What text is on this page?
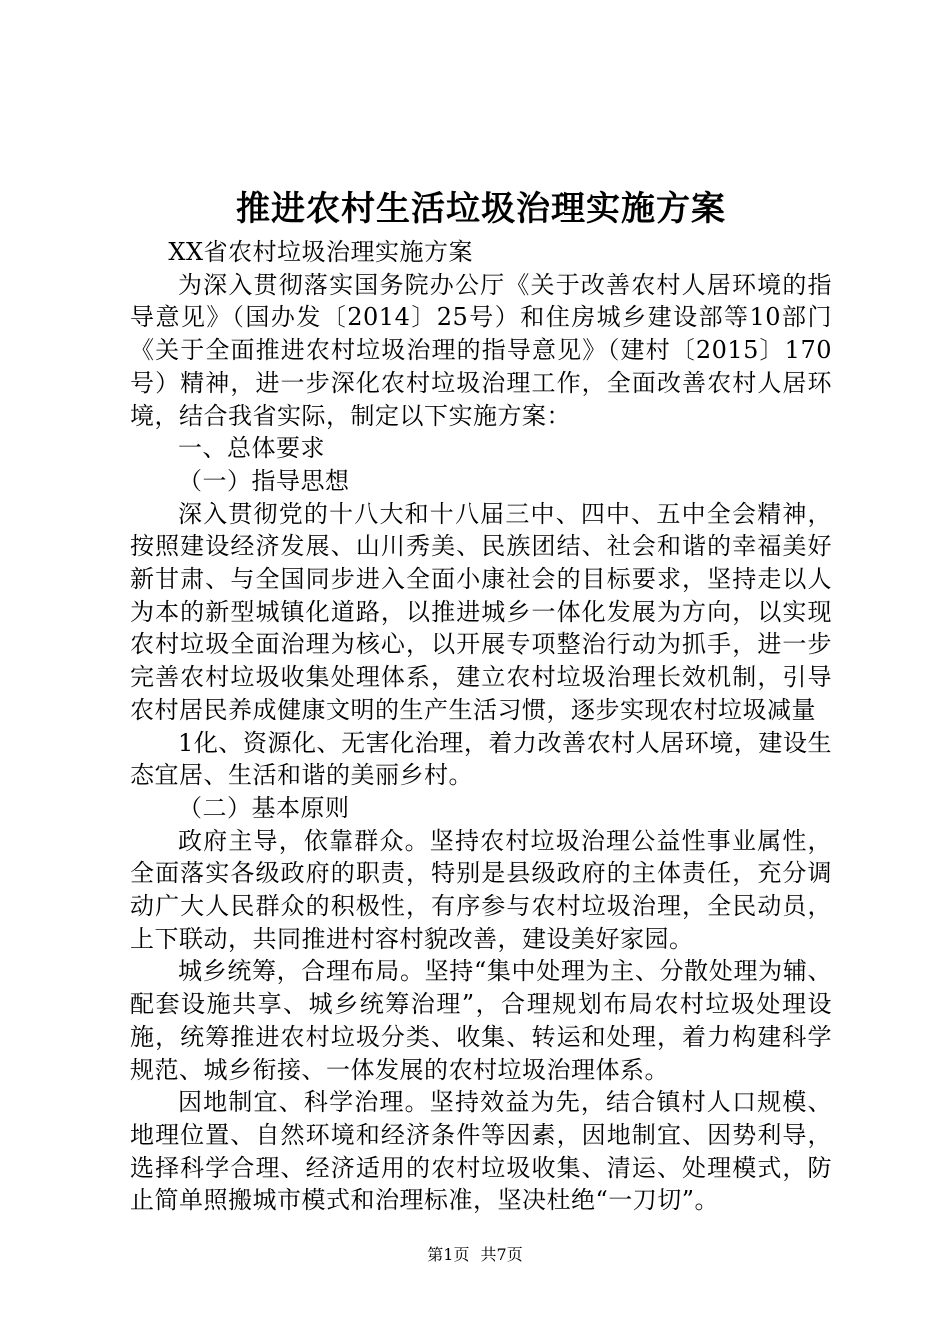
推进农村生活垃圾治理实施方案

XX省农村垃圾治理实施方案

为深入贯彻落实国务院办公厅《关于改善农村人居环境的指导意见》（国办发〔2014〕25号）和住房城乡建设部等10部门《关于全面推进农村垃圾治理的指导意见》（建村〔2015〕170号）精神，进一步深化农村垃圾治理工作，全面改善农村人居环境，结合我省实际，制定以下实施方案：

一、总体要求

（一）指导思想

深入贯彻党的十八大和十八届三中、四中、五中全会精神，按照建设经济发展、山川秀美、民族团结、社会和谐的幸福美好新甘肃、与全国同步进入全面小康社会的目标要求，坚持走以人为本的新型城镇化道路，以推进城乡一体化发展为方向，以实现农村垃圾全面治理为核心，以开展专项整治行动为抓手，进一步完善农村垃圾收集处理体系，建立农村垃圾治理长效机制，引导农村居民养成健康文明的生产生活习惯，逐步实现农村垃圾减量

1化、资源化、无害化治理，着力改善农村人居环境，建设生态宜居、生活和谐的美丽乡村。

（二）基本原则

政府主导，依靠群众。坚持农村垃圾治理公益性事业属性，全面落实各级政府的职责，特别是县级政府的主体责任，充分调动广大人民群众的积极性，有序参与农村垃圾治理，全民动员，上下联动，共同推进村容村貌改善，建设美好家园。

城乡统筹，合理布局。坚持“集中处理为主、分散处理为辅、配套设施共享、城乡统筹治理”，合理规划布局农村垃圾处理设施，统筹推进农村垃圾分类、收集、转运和处理，着力构建科学规范、城乡衔接、一体发展的农村垃圾治理体系。

因地制宜、科学治理。坚持效益为先，结合镇村人口规模、地理位置、自然环境和经济条件等因素，因地制宜、因势利导，选择科学合理、经济适用的农村垃圾收集、清运、处理模式，防止简单照搬城市模式和治理标准，坚决杜绝“一刀切”。

第1页 共7页
